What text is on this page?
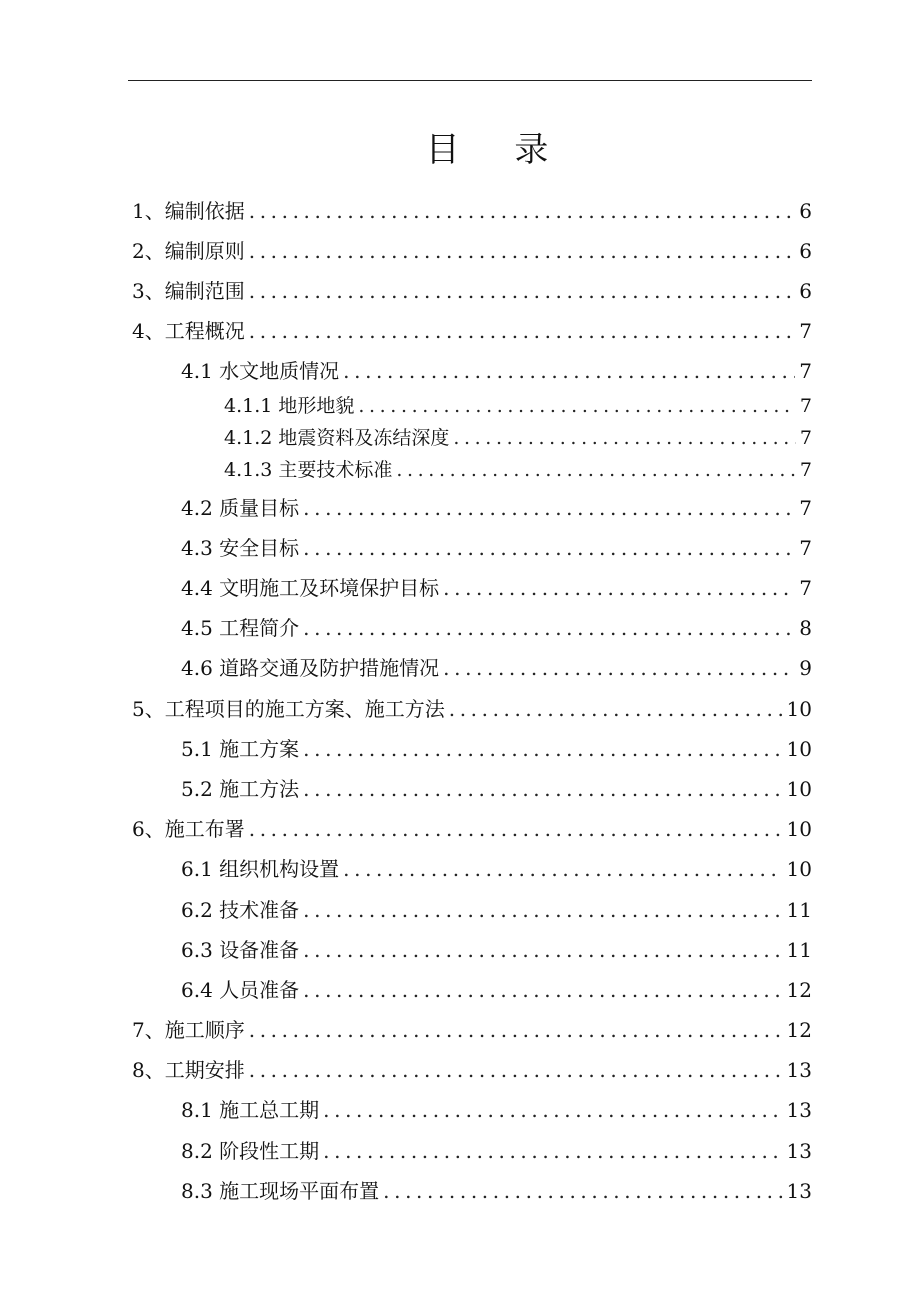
目 录
1、编制依据 .....	6
2、编制原则 .....	6
3、编制范围 .....	6
4、工程概况 .....	7
4.1 水文地质情况 .....	7
4.1.1 地形地貌 .....	7
4.1.2 地震资料及冻结深度 .....	7
4.1.3 主要技术标准 .....	7
4.2 质量目标 .....	7
4.3 安全目标 .....	7
4.4 文明施工及环境保护目标 .....	7
4.5 工程简介 .....	8
4.6 道路交通及防护措施情况 .....	9
5、工程项目的施工方案、施工方法 .....	10
5.1 施工方案 .....	10
5.2 施工方法 .....	10
6、施工布署 .....	10
6.1 组织机构设置 .....	10
6.2 技术准备 .....	11
6.3 设备准备 .....	11
6.4 人员准备 .....	12
7、施工顺序 .....	12
8、工期安排 .....	13
8.1 施工总工期 .....	13
8.2 阶段性工期 .....	13
8.3 施工现场平面布置 .....	13
